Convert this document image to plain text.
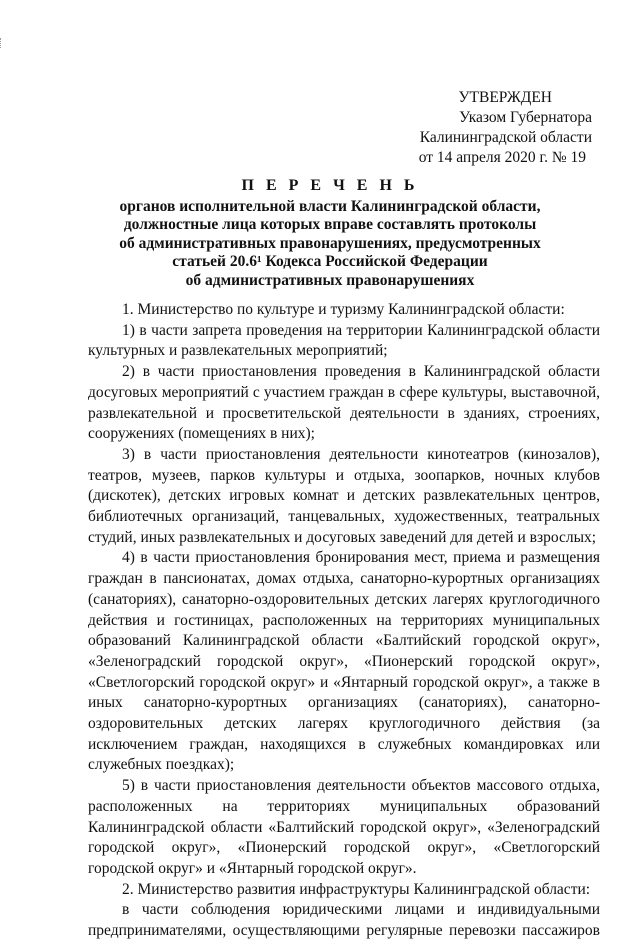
УТВЕРЖДЕН
Указом Губернатора
Калининградской области
от 14 апреля 2020 г. № 19
П Е Р Е Ч Е Н Ь
органов исполнительной власти Калининградской области,
должностные лица которых вправе составлять протоколы
об административных правонарушениях, предусмотренных
статьей 20.6¹ Кодекса Российской Федерации
об административных правонарушениях

1. Министерство по культуре и туризму Калининградской области:

1) в части запрета проведения на территории Калининградской области культурных и развлекательных мероприятий;

2) в части приостановления проведения в Калининградской области досуговых мероприятий с участием граждан в сфере культуры, выставочной, развлекательной и просветительской деятельности в зданиях, строениях, сооружениях (помещениях в них);

3) в части приостановления деятельности кинотеатров (кинозалов), театров, музеев, парков культуры и отдыха, зоопарков, ночных клубов (дискотек), детских игровых комнат и детских развлекательных центров, библиотечных организаций, танцевальных, художественных, театральных студий, иных развлекательных и досуговых заведений для детей и взрослых;

4) в части приостановления бронирования мест, приема и размещения граждан в пансионатах, домах отдыха, санаторно-курортных организациях (санаториях), санаторно-оздоровительных детских лагерях круглогодичного действия и гостиницах, расположенных на территориях муниципальных образований Калининградской области «Балтийский городской округ», «Зеленоградский городской округ», «Пионерский городской округ», «Светлогорский городской округ» и «Янтарный городской округ», а также в иных санаторно-курортных организациях (санаториях), санаторно-оздоровительных детских лагерях круглогодичного действия (за исключением граждан, находящихся в служебных командировках или служебных поездках);

5) в части приостановления деятельности объектов массового отдыха, расположенных на территориях муниципальных образований Калининградской области «Балтийский городской округ», «Зеленоградский городской округ», «Пионерский городской округ», «Светлогорский городской округ» и «Янтарный городской округ».

2. Министерство развития инфраструктуры Калининградской области:

в части соблюдения юридическими лицами и индивидуальными предпринимателями, осуществляющими регулярные перевозки пассажиров
